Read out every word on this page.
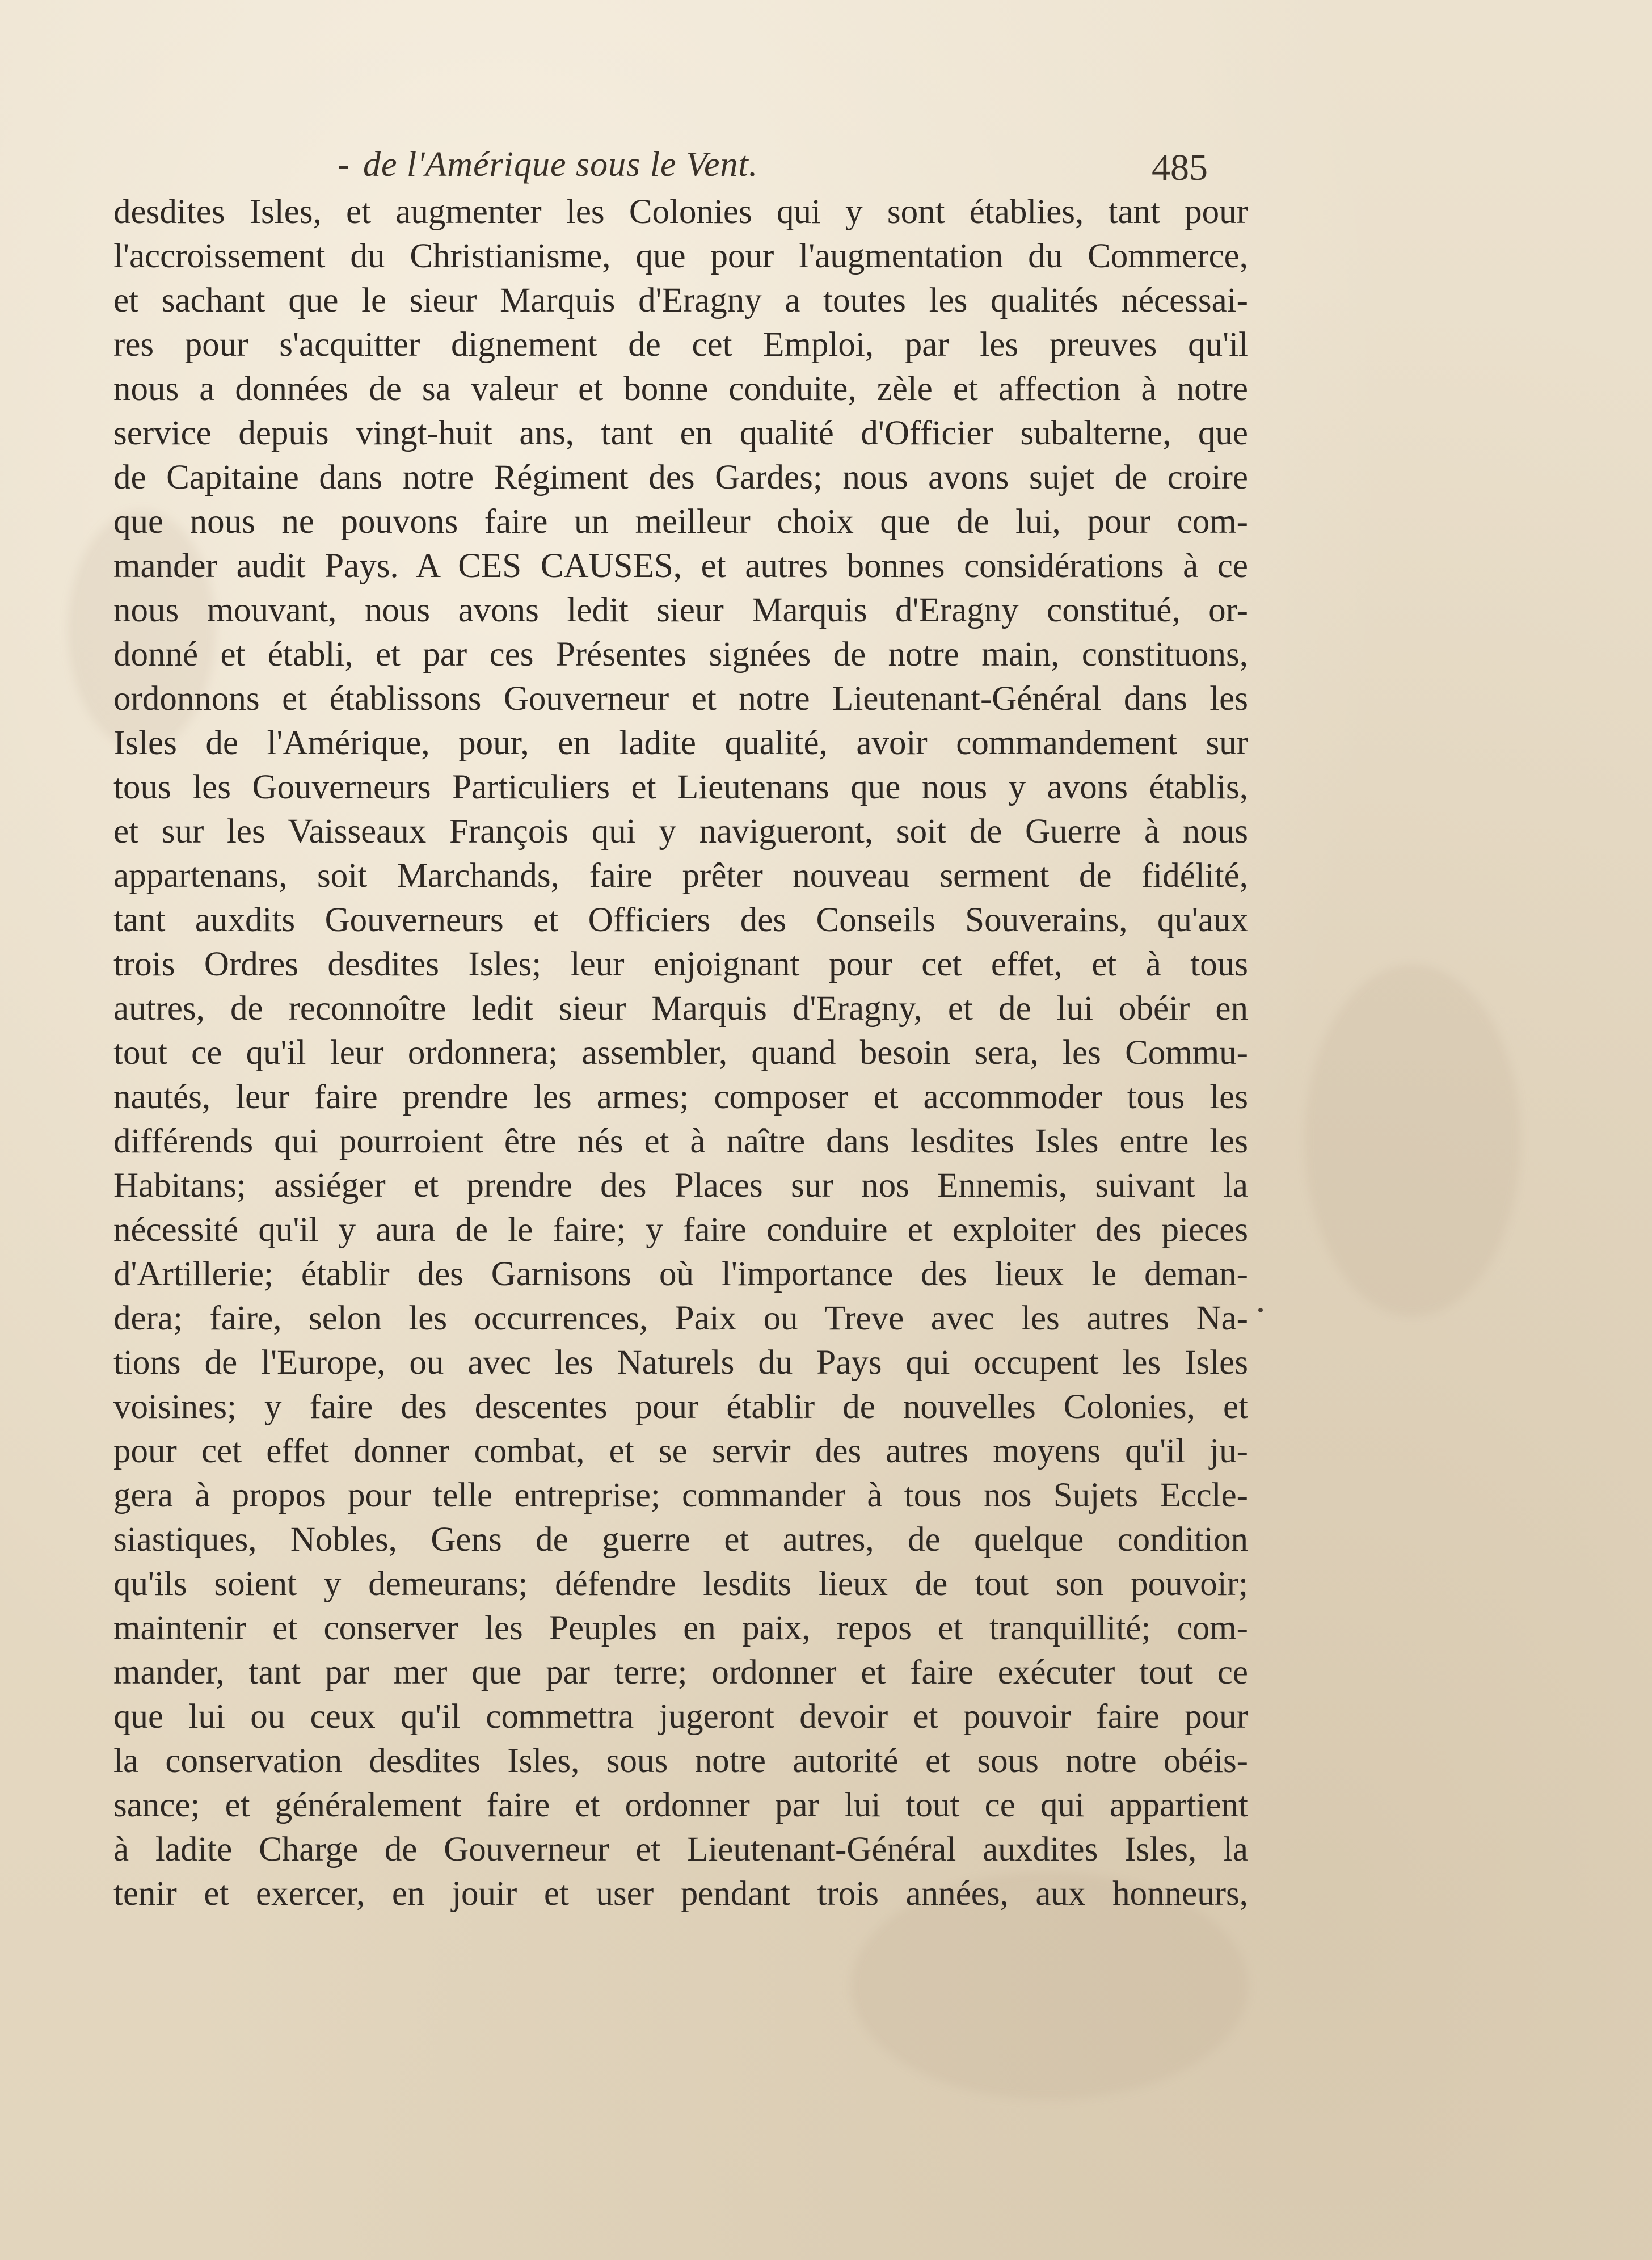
- de l'Amérique sous le Vent.	485
desdites Isles, et augmenter les Colonies qui y sont établies, tant pour
l'accroissement du Christianisme, que pour l'augmentation du Commerce,
et sachant que le sieur Marquis d'Eragny a toutes les qualités nécessai-
res pour s'acquitter dignement de cet Emploi, par les preuves qu'il
nous a données de sa valeur et bonne conduite, zèle et affection à notre
service depuis vingt-huit ans, tant en qualité d'Officier subalterne, que
de Capitaine dans notre Régiment des Gardes; nous avons sujet de croire
que nous ne pouvons faire un meilleur choix que de lui, pour com-
mander audit Pays. A CES CAUSES, et autres bonnes considérations à ce
nous mouvant, nous avons ledit sieur Marquis d'Eragny constitué, or-
donné et établi, et par ces Présentes signées de notre main, constituons,
ordonnons et établissons Gouverneur et notre Lieutenant-Général dans les
Isles de l'Amérique, pour, en ladite qualité, avoir commandement sur
tous les Gouverneurs Particuliers et Lieutenans que nous y avons établis,
et sur les Vaisseaux François qui y navigueront, soit de Guerre à nous
appartenans, soit Marchands, faire prêter nouveau serment de fidélité,
tant auxdits Gouverneurs et Officiers des Conseils Souverains, qu'aux
trois Ordres desdites Isles; leur enjoignant pour cet effet, et à tous
autres, de reconnoître ledit sieur Marquis d'Eragny, et de lui obéir en
tout ce qu'il leur ordonnera; assembler, quand besoin sera, les Commu-
nautés, leur faire prendre les armes; composer et accommoder tous les
différends qui pourroient être nés et à naître dans lesdites Isles entre les
Habitans; assiéger et prendre des Places sur nos Ennemis, suivant la
nécessité qu'il y aura de le faire; y faire conduire et exploiter des pieces
d'Artillerie; établir des Garnisons où l'importance des lieux le deman-
dera; faire, selon les occurrences, Paix ou Treve avec les autres Na-
tions de l'Europe, ou avec les Naturels du Pays qui occupent les Isles
voisines; y faire des descentes pour établir de nouvelles Colonies, et
pour cet effet donner combat, et se servir des autres moyens qu'il ju-
gera à propos pour telle entreprise; commander à tous nos Sujets Eccle-
siastiques, Nobles, Gens de guerre et autres, de quelque condition
qu'ils soient y demeurans; défendre lesdits lieux de tout son pouvoir;
maintenir et conserver les Peuples en paix, repos et tranquillité; com-
mander, tant par mer que par terre; ordonner et faire exécuter tout ce
que lui ou ceux qu'il commettra jugeront devoir et pouvoir faire pour
la conservation desdites Isles, sous notre autorité et sous notre obéis-
sance; et généralement faire et ordonner par lui tout ce qui appartient
à ladite Charge de Gouverneur et Lieutenant-Général auxdites Isles, la
tenir et exercer, en jouir et user pendant trois années, aux honneurs,
